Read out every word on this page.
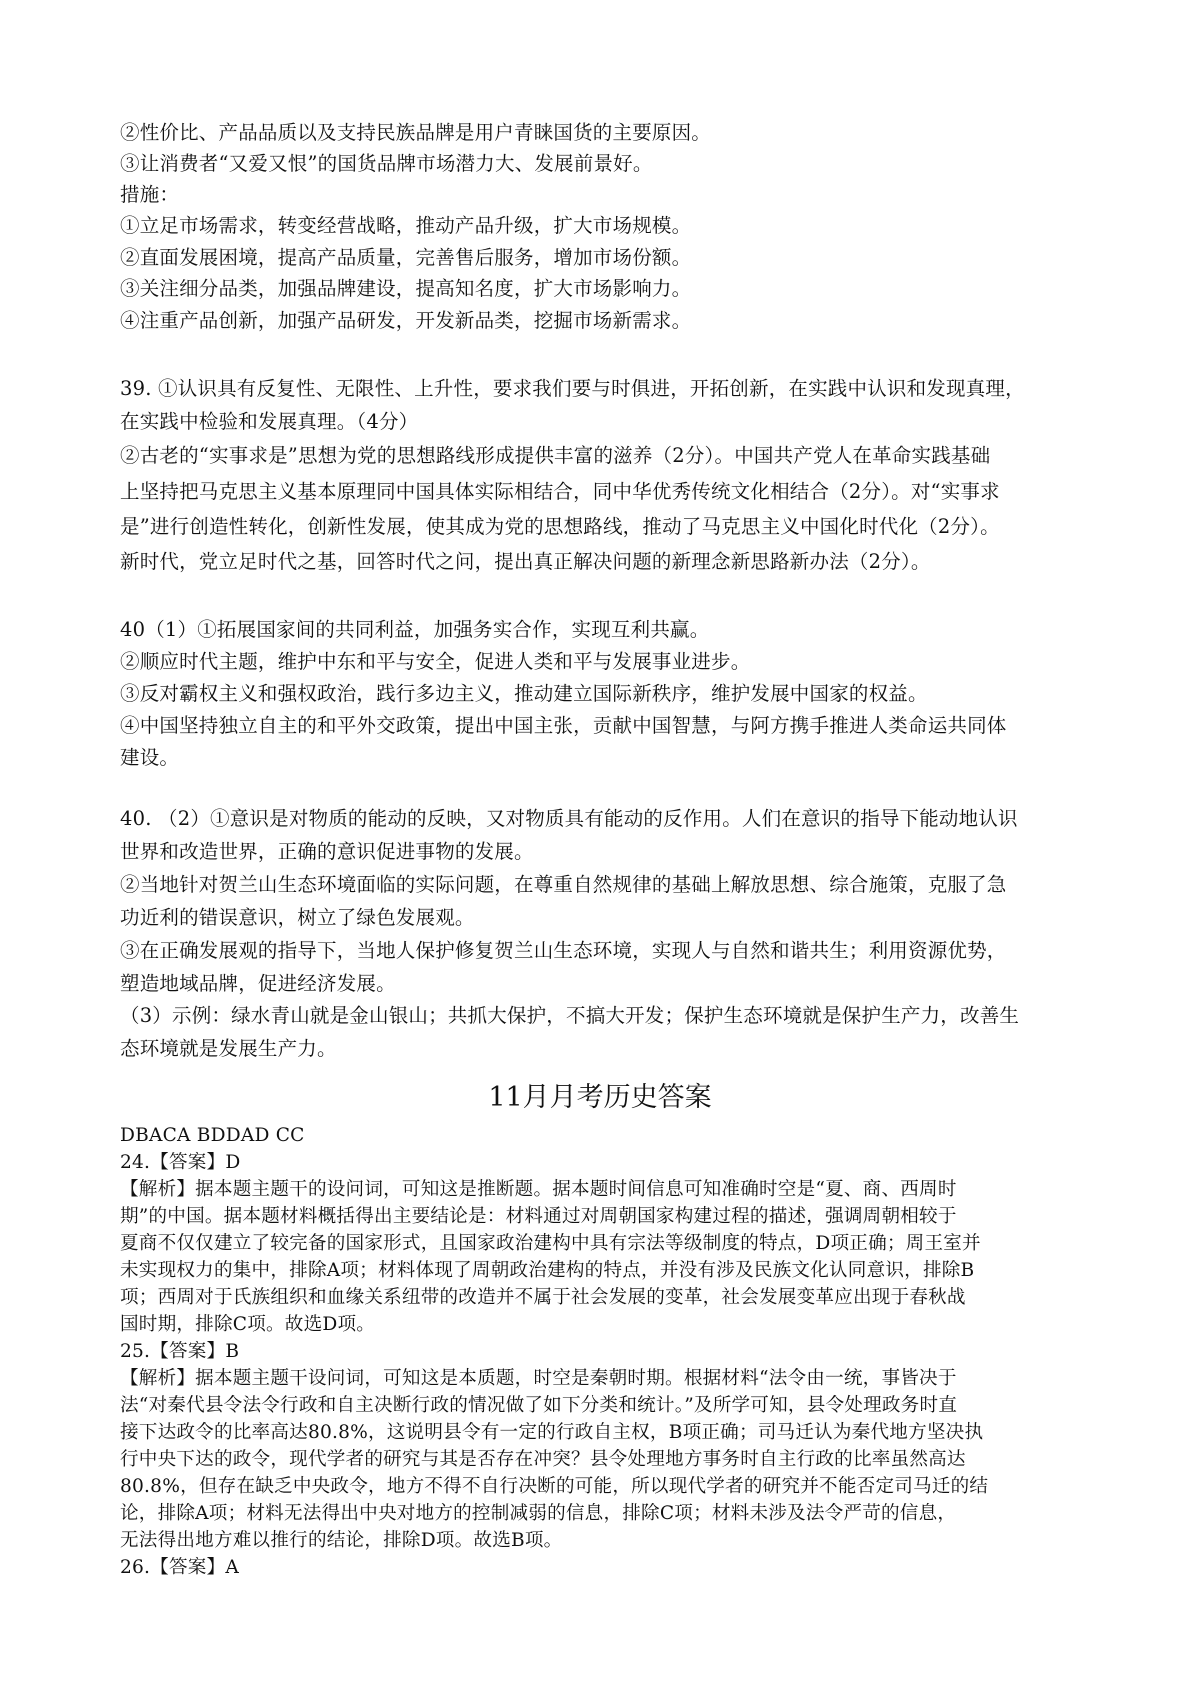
②性价比、产品品质以及支持民族品牌是用户青睐国货的主要原因。
③让消费者“又爱又恨”的国货品牌市场潜力大、发展前景好。
措施：
①立足市场需求，转变经营战略，推动产品升级，扩大市场规模。
②直面发展困境，提高产品质量，完善售后服务，增加市场份额。
③关注细分品类，加强品牌建设，提高知名度，扩大市场影响力。
④注重产品创新，加强产品研发，开发新品类，挖掘市场新需求。
39. ①认识具有反复性、无限性、上升性，要求我们要与时俱进，开拓创新，在实践中认识和发现真理，
在实践中检验和发展真理。（4分）
②古老的“实事求是”思想为党的思想路线形成提供丰富的滋养（2分）。中国共产党人在革命实践基础
上坚持把马克思主义基本原理同中国具体实际相结合，同中华优秀传统文化相结合（2分）。对“实事求
是”进行创造性转化，创新性发展，使其成为党的思想路线，推动了马克思主义中国化时代化（2分）。
新时代，党立足时代之基，回答时代之问，提出真正解决问题的新理念新思路新办法（2分）。
40（1）①拓展国家间的共同利益，加强务实合作，实现互利共赢。
②顺应时代主题，维护中东和平与安全，促进人类和平与发展事业进步。
③反对霸权主义和强权政治，践行多边主义，推动建立国际新秩序，维护发展中国家的权益。
④中国坚持独立自主的和平外交政策，提出中国主张，贡献中国智慧，与阿方携手推进人类命运共同体
建设。
40. （2）①意识是对物质的能动的反映，又对物质具有能动的反作用。人们在意识的指导下能动地认识
世界和改造世界，正确的意识促进事物的发展。
②当地针对贺兰山生态环境面临的实际问题，在尊重自然规律的基础上解放思想、综合施策，克服了急
功近利的错误意识，树立了绿色发展观。
③在正确发展观的指导下，当地人保护修复贺兰山生态环境，实现人与自然和谐共生；利用资源优势，
塑造地域品牌，促进经济发展。
（3）示例：绿水青山就是金山银山；共抓大保护，不搞大开发；保护生态环境就是保护生产力，改善生
态环境就是发展生产力。
11月月考历史答案
DBACA BDDAD CC
24.【答案】D
【解析】据本题主题干的设问词，可知这是推断题。据本题时间信息可知准确时空是“夏、商、西周时
期”的中国。据本题材料概括得出主要结论是：材料通过对周朝国家构建过程的描述，强调周朝相较于
夏商不仅仅建立了较完备的国家形式，且国家政治建构中具有宗法等级制度的特点，D项正确；周王室并
未实现权力的集中，排除A项；材料体现了周朝政治建构的特点，并没有涉及民族文化认同意识，排除B
项；西周对于氏族组织和血缘关系纽带的改造并不属于社会发展的变革，社会发展变革应出现于春秋战
国时期，排除C项。故选D项。
25.【答案】B
【解析】据本题主题干设问词，可知这是本质题，时空是秦朝时期。根据材料“法令由一统，事皆决于
法“对秦代县令法令行政和自主决断行政的情况做了如下分类和统计。”及所学可知，县令处理政务时直
接下达政令的比率高达80.8%，这说明县令有一定的行政自主权，B项正确；司马迁认为秦代地方坚决执
行中央下达的政令，现代学者的研究与其是否存在冲突？县令处理地方事务时自主行政的比率虽然高达
80.8%，但存在缺乏中央政令，地方不得不自行决断的可能，所以现代学者的研究并不能否定司马迁的结
论，排除A项；材料无法得出中央对地方的控制减弱的信息，排除C项；材料未涉及法令严苛的信息，
无法得出地方难以推行的结论，排除D项。故选B项。
26.【答案】A
